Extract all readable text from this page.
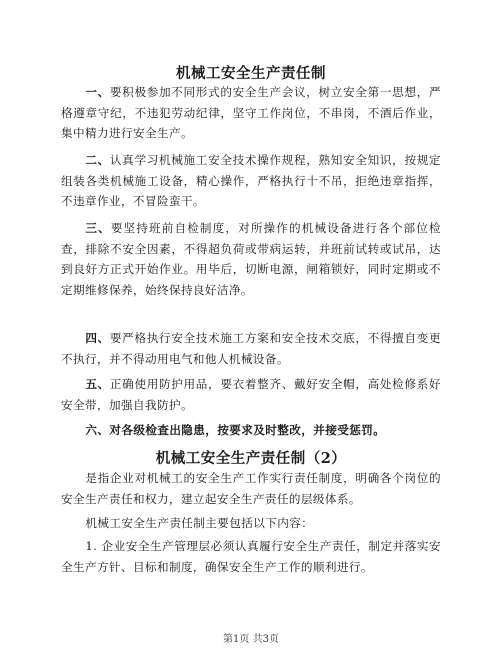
机械工安全生产责任制
一、要积极参加不同形式的安全生产会议，树立安全第一思想，严格遵章守纪，不违犯劳动纪律，坚守工作岗位，不串岗，不酒后作业，集中精力进行安全生产。
二、认真学习机械施工安全技术操作规程，熟知安全知识，按规定组装各类机械施工设备，精心操作，严格执行十不吊，拒绝违章指挥，不违章作业，不冒险蛮干。
三、要坚持班前自检制度，对所操作的机械设备进行各个部位检查，排除不安全因素，不得超负荷或带病运转，并班前试转或试吊，达到良好方正式开始作业。用毕后，切断电源，闸箱锁好，同时定期或不定期维修保养，始终保持良好洁净。
四、要严格执行安全技术施工方案和安全技术交底，不得擅自变更不执行，并不得动用电气和他人机械设备。
五、正确使用防护用品，要衣着整齐、戴好安全帽，高处检修系好安全带，加强自我防护。
六、对各级检查出隐患，按要求及时整改，并接受惩罚。
机械工安全生产责任制（2）
是指企业对机械工的安全生产工作实行责任制度，明确各个岗位的安全生产责任和权力，建立起安全生产责任的层级体系。
机械工安全生产责任制主要包括以下内容：
1. 企业安全生产管理层必须认真履行安全生产责任，制定并落实安全生产方针、目标和制度，确保安全生产工作的顺利进行。
第1页 共3页
